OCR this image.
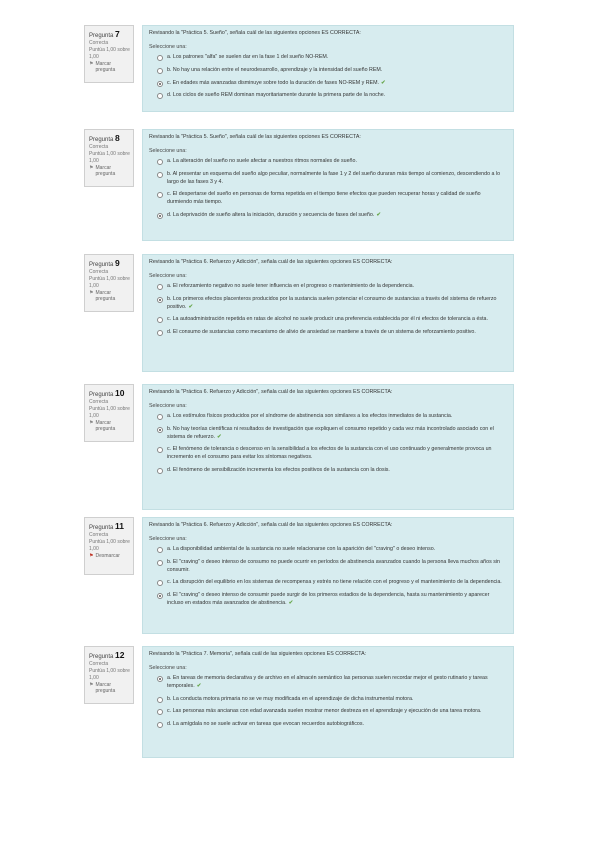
Pregunta 7
Correcta
Puntúa 1,00 sobre 1,00
⚑ Marcar pregunta
Revisando la "Práctica 5. Sueño", señala cuál de las siguientes opciones ES CORRECTA:
Seleccione una:
a. Los patrones "alfa" se suelen dar en la fase 1 del sueño NO-REM.
b. No hay una relación entre el neurodesarrollo, aprendizaje y la intensidad del sueño REM.
c. En edades más avanzadas disminuye sobre todo la duración de fases NO-REM y REM. ✔
d. Los ciclos de sueño REM dominan mayoritariamente durante la primera parte de la noche.
Pregunta 8
Correcta
Puntúa 1,00 sobre 1,00
⚑ Marcar pregunta
Revisando la "Práctica 5. Sueño", señala cuál de las siguientes opciones ES CORRECTA:
Seleccione una:
a. La alteración del sueño no suele afectar a nuestros ritmos normales de sueño.
b. Al presentar un esquema del sueño algo peculiar, normalmente la fase 1 y 2 del sueño duraran más tiempo al comienzo, descendiendo a lo largo de las fases 3 y 4.
c. El despertarse del sueño en personas de forma repetida en el tiempo tiene efectos que pueden recuperar horas y calidad de sueño durmiendo más tiempo.
d. La deprivación de sueño altera la iniciación, duración y secuencia de fases del sueño. ✔
Pregunta 9
Correcta
Puntúa 1,00 sobre 1,00
⚑ Marcar pregunta
Revisando la "Práctica 6. Refuerzo y Adicción", señala cuál de las siguientes opciones ES CORRECTA:
Seleccione una:
a. El reforzamiento negativo no suele tener influencia en el progreso o mantenimiento de la dependencia.
b. Los primeros efectos placenteros producidos por la sustancia suelen potenciar el consumo de sustancias a través del sistema de refuerzo positivo. ✔
c. La autoadministración repetida en ratas de alcohol no suele producir una preferencia establecida por él ni efectos de tolerancia a ésta.
d. El consumo de sustancias como mecanismo de alivio de ansiedad se mantiene a través de un sistema de reforzamiento positivo.
Pregunta 10
Correcta
Puntúa 1,00 sobre 1,00
⚑ Marcar pregunta
Revisando la "Práctica 6. Refuerzo y Adicción", señala cuál de las siguientes opciones ES CORRECTA:
Seleccione una:
a. Los estímulos físicos producidos por el síndrome de abstinencia son similares a los efectos inmediatos de la sustancia.
b. No hay teorías científicas ni resultados de investigación que expliquen el consumo repetido y cada vez más incontrolado asociado con el sistema de refuerzo. ✔
c. El fenómeno de tolerancia o descenso en la sensibilidad a los efectos de la sustancia con el uso continuado y generalmente provoca un incremento en el consumo para evitar los síntomas negativos.
d. El fenómeno de sensibilización incrementa los efectos positivos de la sustancia con la dosis.
Pregunta 11
Correcta
Puntúa 1,00 sobre 1,00
⚑ Desmarcar
Revisando la "Práctica 6. Refuerzo y Adicción", señala cuál de las siguientes opciones ES CORRECTA:
Seleccione una:
a. La disponibilidad ambiental de la sustancia no suele relacionarse con la aparición del "craving" o deseo intenso.
b. El "craving" o deseo intenso de consumo no puede ocurrir en períodos de abstinencia avanzados cuando la persona lleva muchos años sin consumir.
c. La disrupción del equilibrio en los sistemas de recompensa y estrés no tiene relación con el progreso y el mantenimiento de la dependencia.
d. El "craving" o deseo intenso de consumir puede surgir de los primeros estadios de la dependencia, hasta su mantenimiento y aparecer incluso en estados más avanzados de abstinencia. ✔
Pregunta 12
Correcta
Puntúa 1,00 sobre 1,00
⚑ Marcar pregunta
Revisando la "Práctica 7. Memoria", señala cuál de las siguientes opciones ES CORRECTA:
Seleccione una:
a. En tareas de memoria declarativa y de archivo en el almacén semántico las personas suelen recordar mejor el gesto rutinario y tareas temporales. ✔
b. La conducta motora primaria no se ve muy modificada en el aprendizaje de dicha instrumental motora.
c. Las personas más ancianas con edad avanzada suelen mostrar menor destreza en el aprendizaje y ejecución de una tarea motora.
d. La amígdala no se suele activar en tareas que evocan recuerdos autobiográficos.
